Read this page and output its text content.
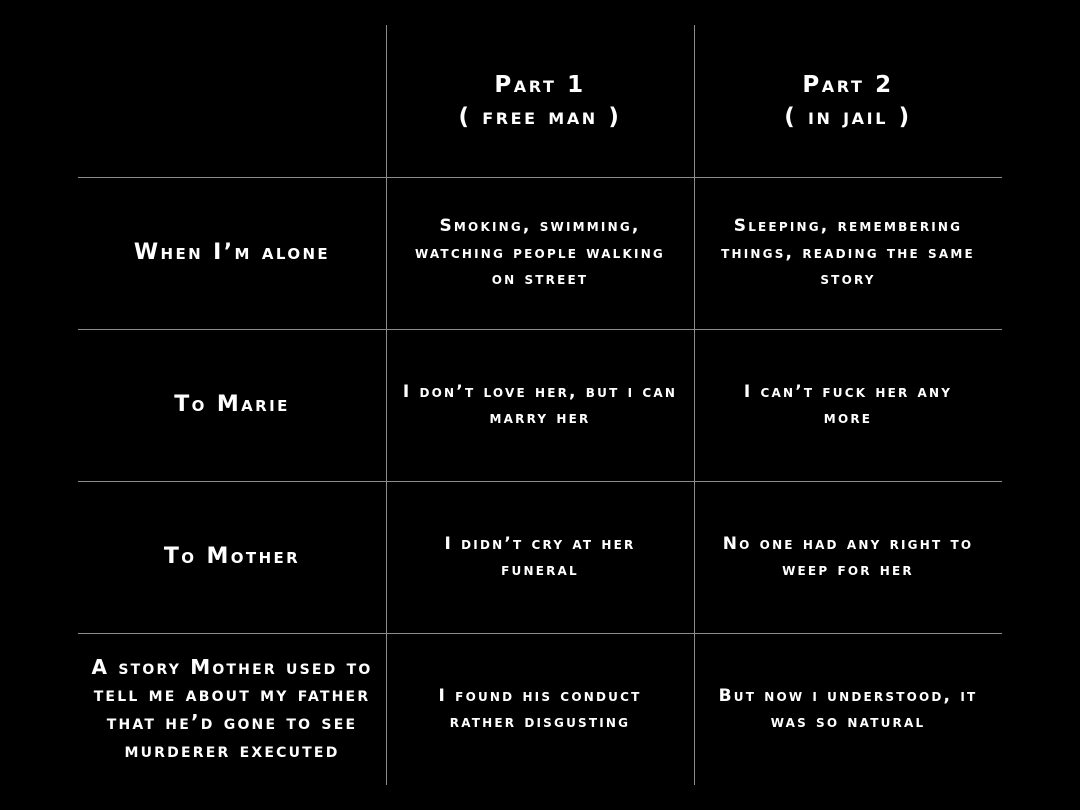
Part 1
( free man )
Part 2
( in jail )
When I’m alone
Smoking, swimming, watching people walking on street
Sleeping, remembering things, reading the same story
To Marie
I don’t love her, but i can marry her
I can’t fuck her any more
To Mother
I didn’t cry at her funeral
No one had any right to weep for her
A story Mother used to tell me about my father that he’d gone to see murderer executed
I found his conduct rather disgusting
But now i understood, it was so natural
